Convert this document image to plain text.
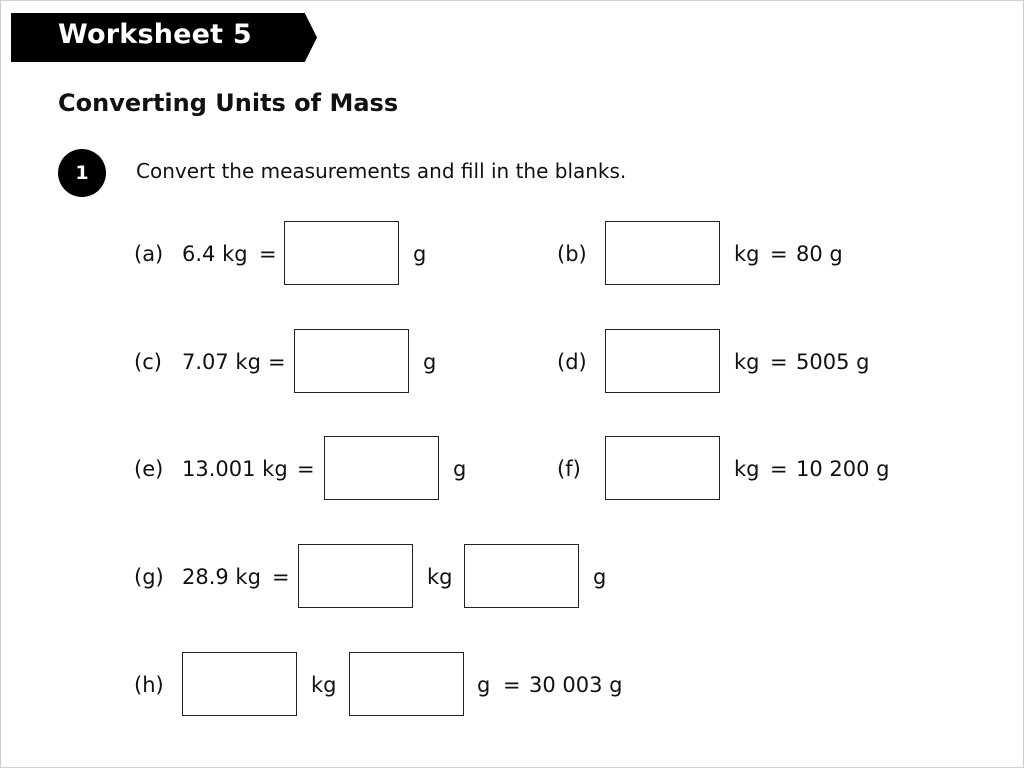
Worksheet 5
Converting Units of Mass
1	Convert the measurements and fill in the blanks.
(a) 6.4 kg =	g	(b)	kg = 80 g
(c) 7.07 kg =	g	(d)	kg = 5005 g
(e) 13.001 kg =	g	(f)	kg = 10 200 g
(g) 28.9 kg =	kg	g
(h)	kg	g = 30 003 g
